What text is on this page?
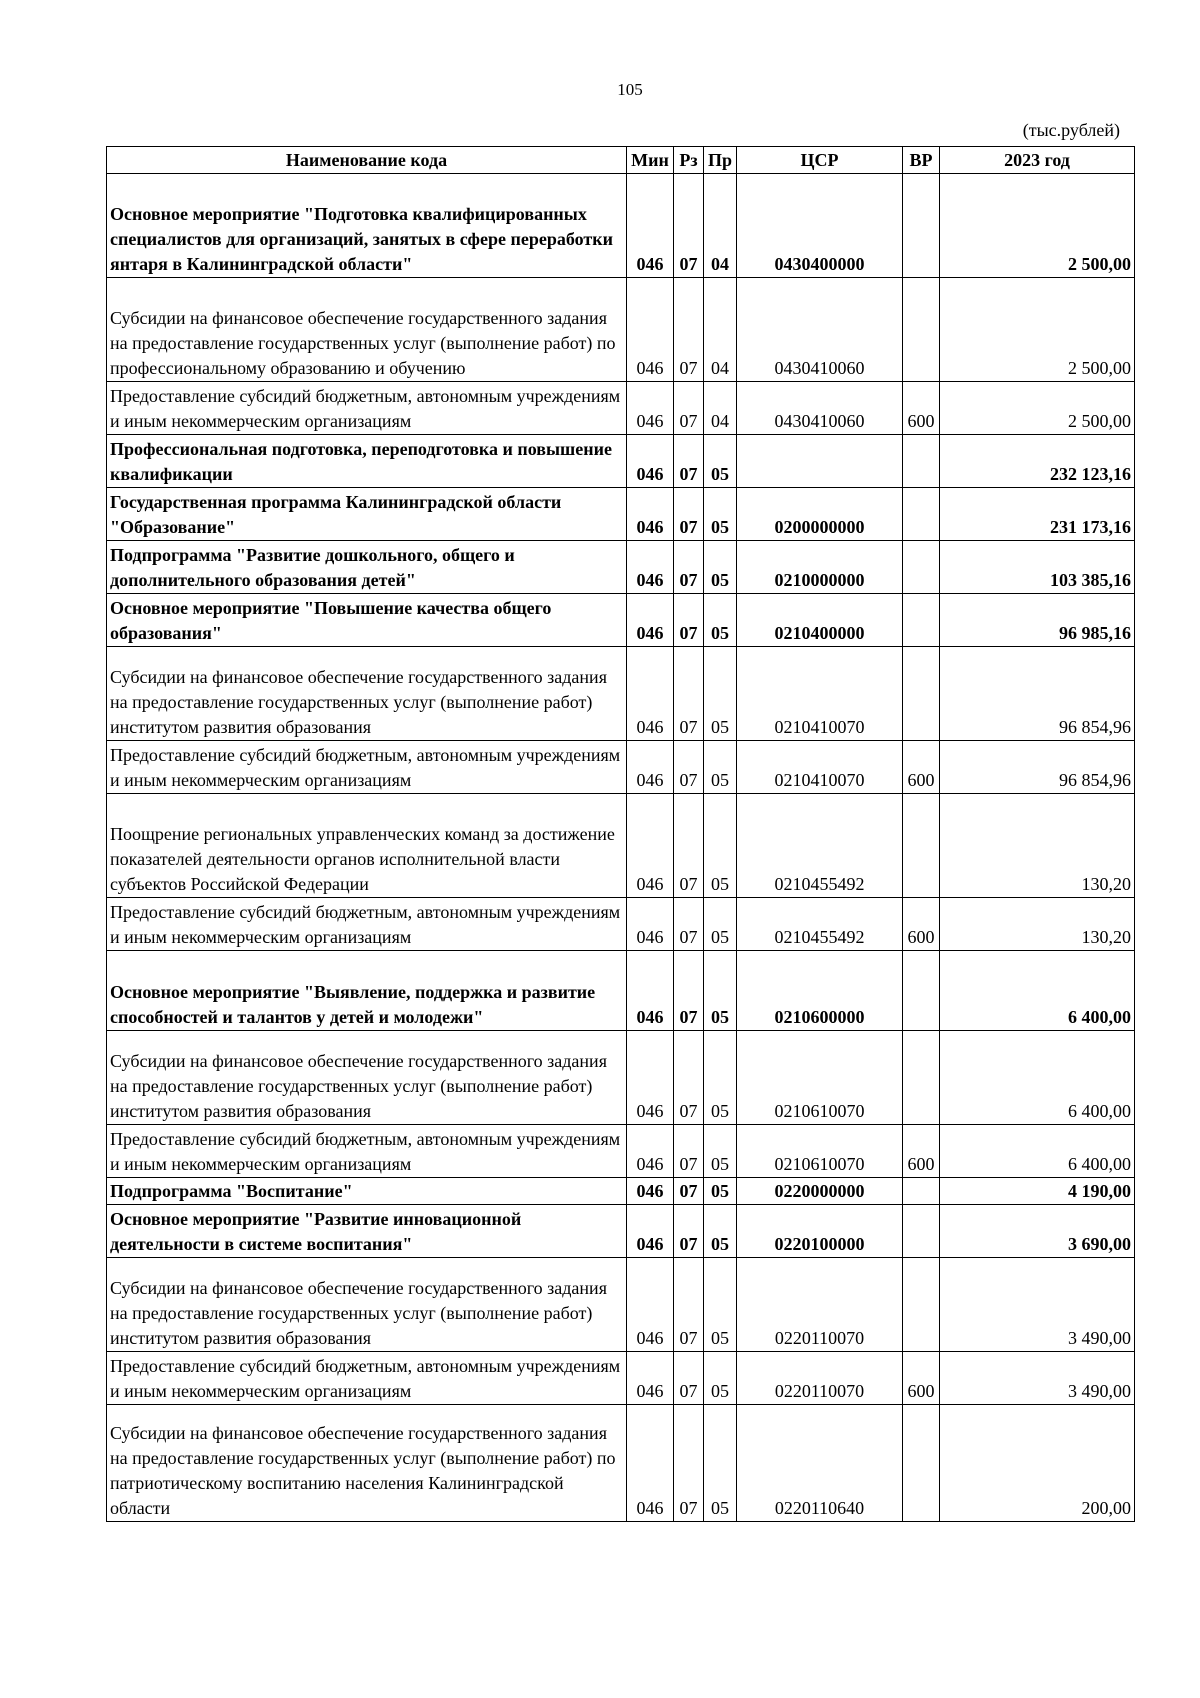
105
(тыс.рублей)
Наименование кода	Мин	Рз	Пр	ЦСР	ВР	2023 год
Основное мероприятие "Подготовка квалифицированных специалистов для организаций, занятых в сфере переработки янтаря в Калининградской области"	046	07	04	0430400000		2 500,00
Субсидии на финансовое обеспечение государственного задания на предоставление государственных услуг (выполнение работ) по профессиональному образованию и обучению	046	07	04	0430410060		2 500,00
Предоставление субсидий бюджетным, автономным учреждениям и иным некоммерческим организациям	046	07	04	0430410060	600	2 500,00
Профессиональная подготовка, переподготовка и повышение квалификации	046	07	05			232 123,16
Государственная программа Калининградской области "Образование"	046	07	05	0200000000		231 173,16
Подпрограмма "Развитие дошкольного, общего и дополнительного образования детей"	046	07	05	0210000000		103 385,16
Основное мероприятие "Повышение качества общего образования"	046	07	05	0210400000		96 985,16
Субсидии на финансовое обеспечение государственного задания на предоставление государственных услуг (выполнение работ) институтом развития образования	046	07	05	0210410070		96 854,96
Предоставление субсидий бюджетным, автономным учреждениям и иным некоммерческим организациям	046	07	05	0210410070	600	96 854,96
Поощрение региональных управленческих команд за достижение показателей деятельности органов исполнительной власти субъектов Российской Федерации	046	07	05	0210455492		130,20
Предоставление субсидий бюджетным, автономным учреждениям и иным некоммерческим организациям	046	07	05	0210455492	600	130,20
Основное мероприятие "Выявление, поддержка и развитие способностей и талантов у детей и молодежи"	046	07	05	0210600000		6 400,00
Субсидии на финансовое обеспечение государственного задания на предоставление государственных услуг (выполнение работ) институтом развития образования	046	07	05	0210610070		6 400,00
Предоставление субсидий бюджетным, автономным учреждениям и иным некоммерческим организациям	046	07	05	0210610070	600	6 400,00
Подпрограмма "Воспитание"	046	07	05	0220000000		4 190,00
Основное мероприятие "Развитие инновационной деятельности в системе воспитания"	046	07	05	0220100000		3 690,00
Субсидии на финансовое обеспечение государственного задания на предоставление государственных услуг (выполнение работ) институтом развития образования	046	07	05	0220110070		3 490,00
Предоставление субсидий бюджетным, автономным учреждениям и иным некоммерческим организациям	046	07	05	0220110070	600	3 490,00
Субсидии на финансовое обеспечение государственного задания на предоставление государственных услуг (выполнение работ) по патриотическому воспитанию населения Калининградской области	046	07	05	0220110640		200,00
